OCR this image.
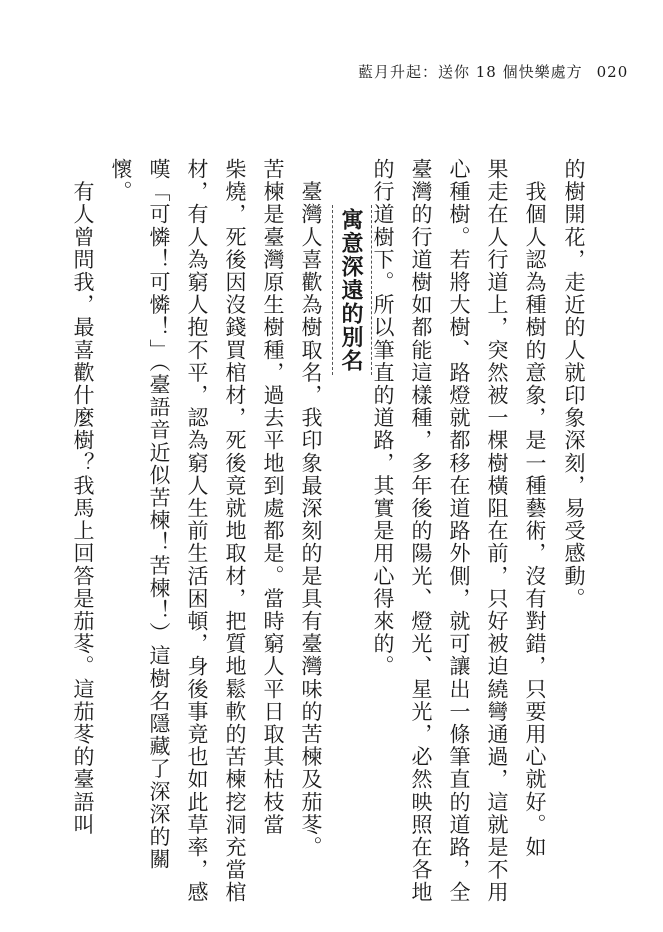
藍月升起：送你 18 個快樂處方 020
的樹開花，走近的人就印象深刻，易受感動。
　我個人認為種樹的意象，是一種藝術，沒有對錯，只要用心就好。如
果走在人行道上，突然被一棵樹橫阻在前，只好被迫繞彎通過，這就是不用
心種樹。若將大樹、路燈就都移在道路外側，就可讓出一條筆直的道路，全
臺灣的行道樹如都能這樣種，多年後的陽光、燈光、星光，必然映照在各地
的行道樹下。所以筆直的道路，其實是用心得來的。
寓意深遠的別名
　臺灣人喜歡為樹取名，我印象最深刻的是具有臺灣味的苦楝及茄苳。
苦楝是臺灣原生樹種，過去平地到處都是。當時窮人平日取其枯枝當
柴燒，死後因沒錢買棺材，死後竟就地取材，把質地鬆軟的苦楝挖洞充當棺
材，有人為窮人抱不平，認為窮人生前生活困頓，身後事竟也如此草率，感
嘆「可憐！可憐！」（臺語音近似苦楝！苦楝！）這樹名隱藏了深深的關
懷。
　有人曾問我，最喜歡什麼樹？我馬上回答是茄苳。這茄苳的臺語叫
